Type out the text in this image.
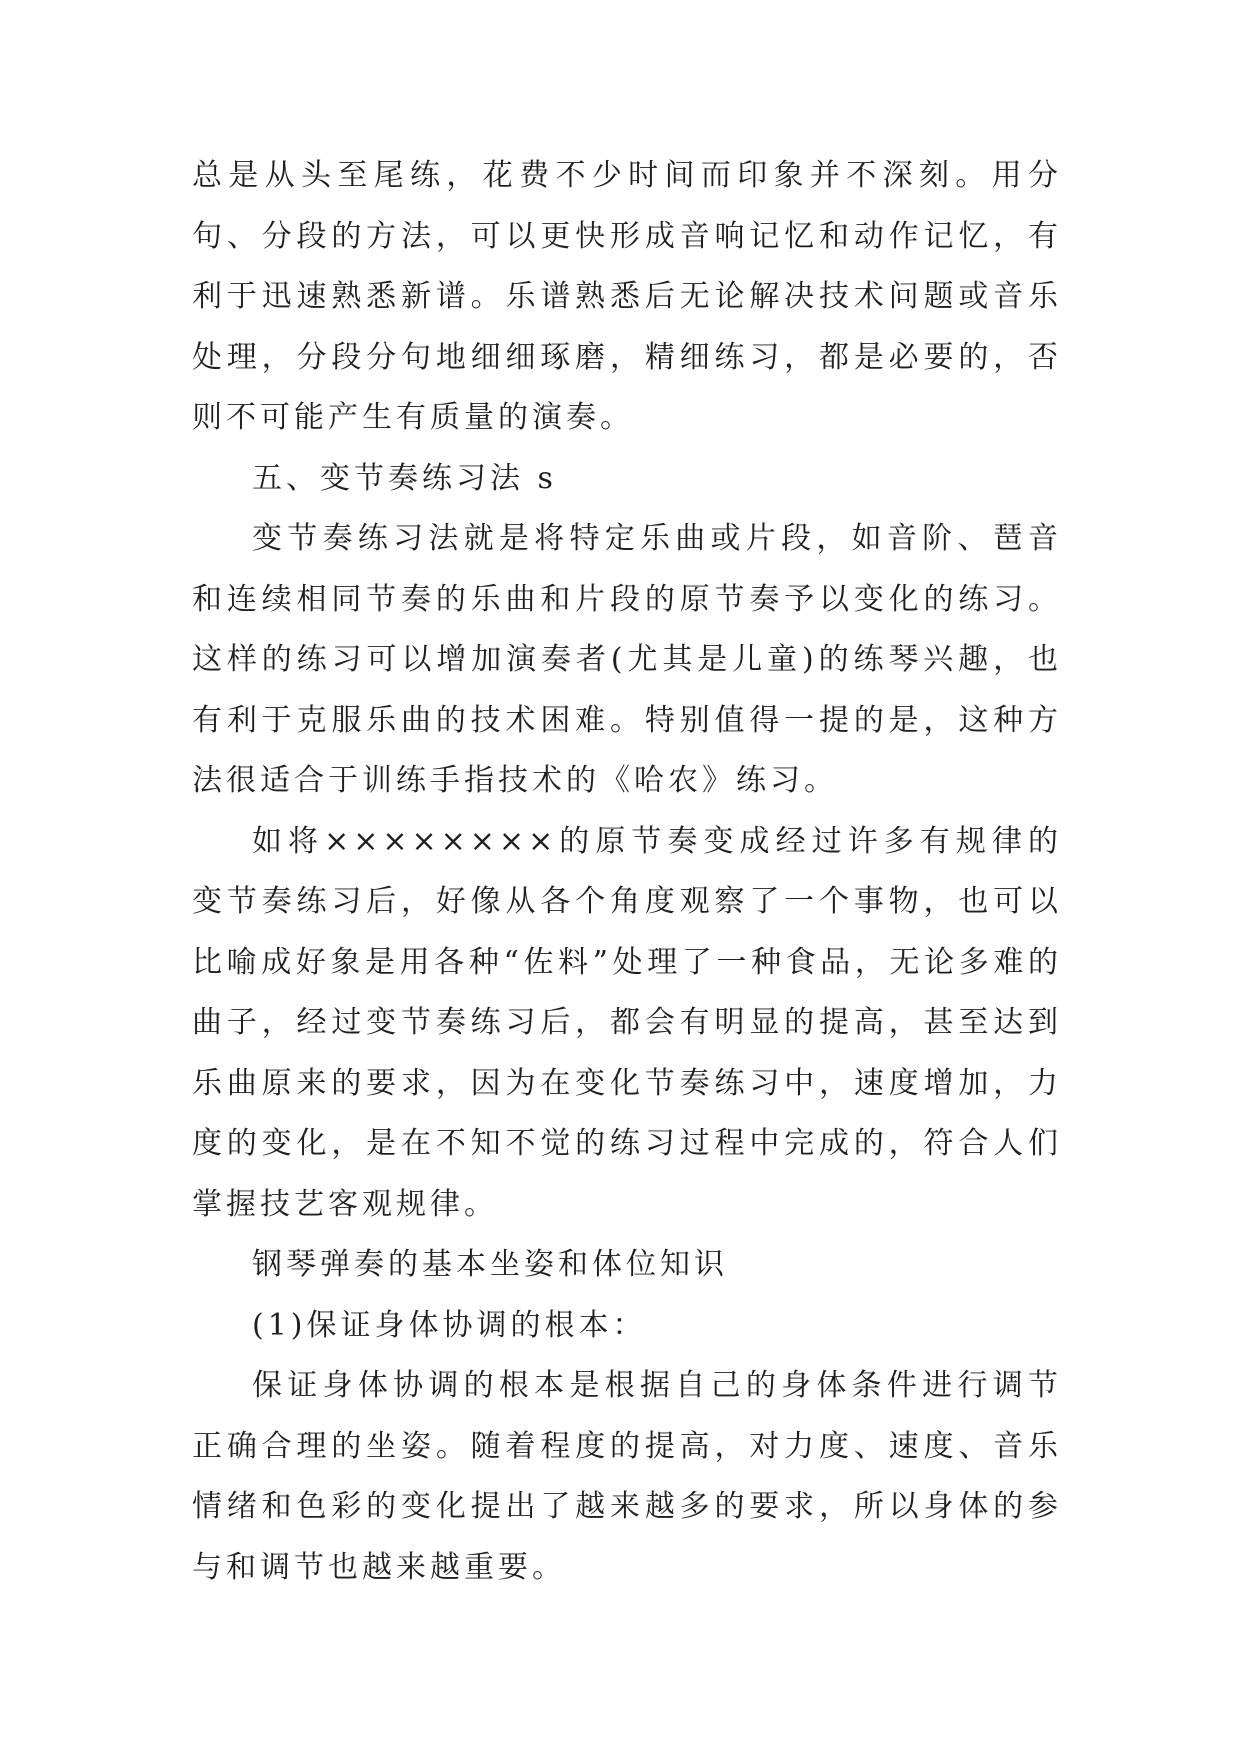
总是从头至尾练，花费不少时间而印象并不深刻。用分句、分段的方法，可以更快形成音响记忆和动作记忆，有利于迅速熟悉新谱。乐谱熟悉后无论解决技术问题或音乐处理，分段分句地细细琢磨，精细练习，都是必要的，否则不可能产生有质量的演奏。

五、变节奏练习法 s

变节奏练习法就是将特定乐曲或片段，如音阶、琶音和连续相同节奏的乐曲和片段的原节奏予以变化的练习。这样的练习可以增加演奏者(尤其是儿童)的练琴兴趣，也有利于克服乐曲的技术困难。特别值得一提的是，这种方法很适合于训练手指技术的《哈农》练习。

如将××××××××的原节奏变成经过许多有规律的变节奏练习后，好像从各个角度观察了一个事物，也可以比喻成好象是用各种“佐料”处理了一种食品，无论多难的曲子，经过变节奏练习后，都会有明显的提高，甚至达到乐曲原来的要求，因为在变化节奏练习中，速度增加，力度的变化，是在不知不觉的练习过程中完成的，符合人们掌握技艺客观规律。

钢琴弹奏的基本坐姿和体位知识

(1)保证身体协调的根本：

保证身体协调的根本是根据自己的身体条件进行调节正确合理的坐姿。随着程度的提高，对力度、速度、音乐情绪和色彩的变化提出了越来越多的要求，所以身体的参与和调节也越来越重要。
